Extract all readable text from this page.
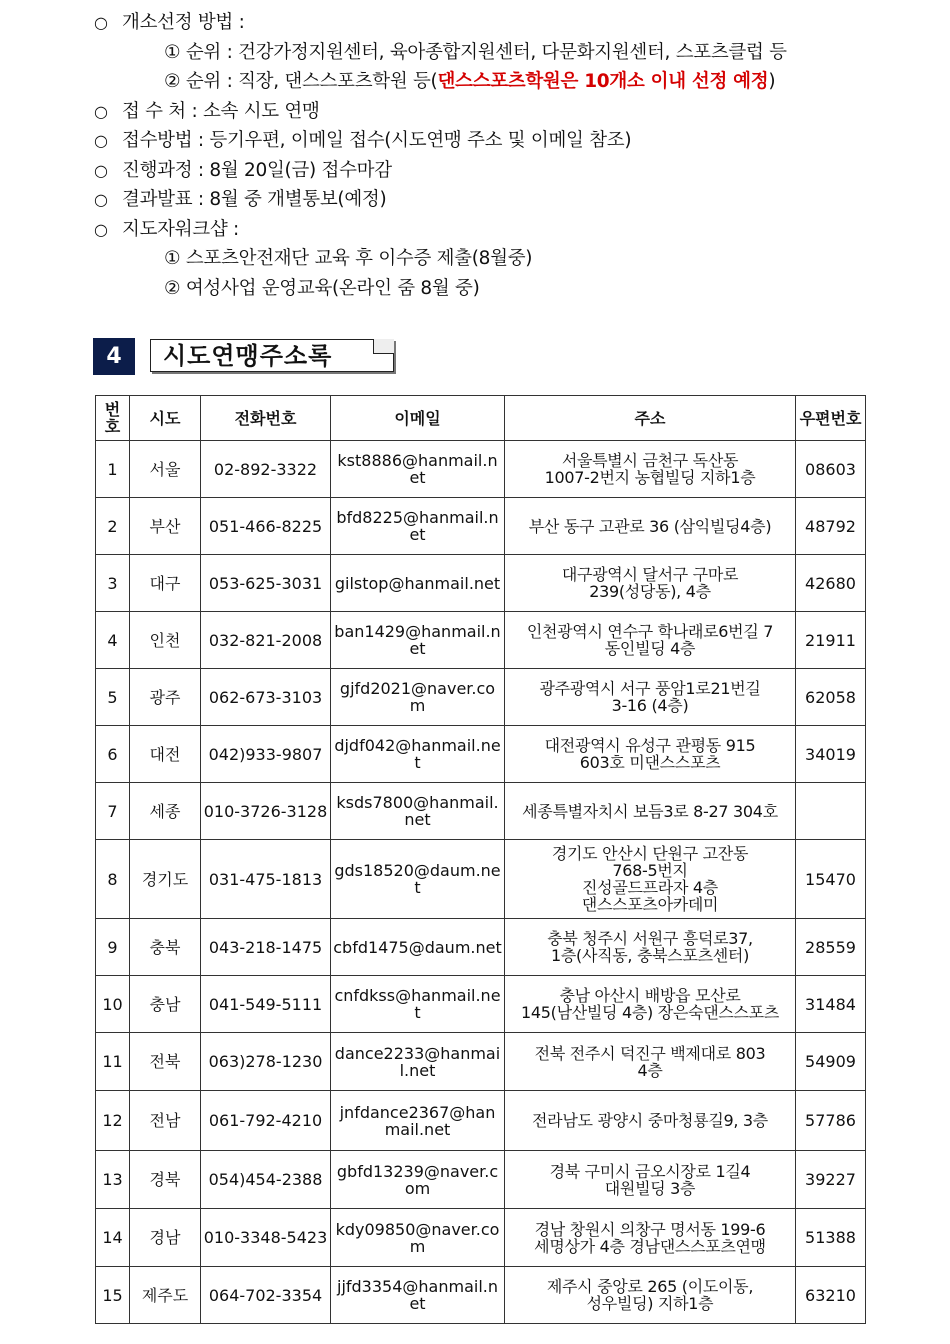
○ 개소선정 방법 :
① 순위 : 건강가정지원센터, 육아종합지원센터, 다문화지원센터, 스포츠클럽 등
② 순위 : 직장, 댄스스포츠학원 등(댄스스포츠학원은 10개소 이내 선정 예정)
○ 접 수 처 : 소속 시도 연맹
○ 접수방법 : 등기우편, 이메일 접수(시도연맹 주소 및 이메일 참조)
○ 진행과정 : 8월 20일(금) 접수마감
○ 결과발표 : 8월 중 개별통보(예정)
○ 지도자워크샵 :
① 스포츠안전재단 교육 후 이수증 제출(8월중)
② 여성사업 운영교육(온라인 줌 8월 중)
4	시도연맹주소록
번호	시도	전화번호	이메일	주소	우편번호
1	서울	02-892-3322	kst8886@hanmail.net	서울특별시 금천구 독산동
1007-2번지 농협빌딩 지하1층	08603
2	부산	051-466-8225	bfd8225@hanmail.net	부산 동구 고관로 36 (삼익빌딩4층)	48792
3	대구	053-625-3031	gilstop@hanmail.net	대구광역시 달서구 구마로
239(성당동), 4층	42680
4	인천	032-821-2008	ban1429@hanmail.net	인천광역시 연수구 학나래로6번길 7
동인빌딩 4층	21911
5	광주	062-673-3103	gjfd2021@naver.com	광주광역시 서구 풍암1로21번길
3-16 (4층)	62058
6	대전	042)933-9807	djdf042@hanmail.net	대전광역시 유성구 관평동 915
603호 미댄스스포츠	34019
7	세종	010-3726-3128	ksds7800@hanmail.net	세종특별자치시 보듬3로 8-27 304호	
8	경기도	031-475-1813	gds18520@daum.net	경기도 안산시 단원구 고잔동
768-5번지
진성골드프라자 4층
댄스스포츠아카데미	15470
9	충북	043-218-1475	cbfd1475@daum.net	충북 청주시 서원구 흥덕로37,
1층(사직동, 충북스포츠센터)	28559
10	충남	041-549-5111	cnfdkss@hanmail.net	충남 아산시 배방읍 모산로
145(남산빌딩 4층) 장은숙댄스스포츠	31484
11	전북	063)278-1230	dance2233@hanmail.net	전북 전주시 덕진구 백제대로 803
4층	54909
12	전남	061-792-4210	jnfdance2367@hanmail.net	전라남도 광양시 중마청룡길9, 3층	57786
13	경북	054)454-2388	gbfd13239@naver.com	경북 구미시 금오시장로 1길4
대원빌딩 3층	39227
14	경남	010-3348-5423	kdy09850@naver.com	경남 창원시 의창구 명서동 199-6
세명상가 4층 경남댄스스포츠연맹	51388
15	제주도	064-702-3354	jjfd3354@hanmail.net	제주시 중앙로 265 (이도이동,
성우빌딩) 지하1층	63210
